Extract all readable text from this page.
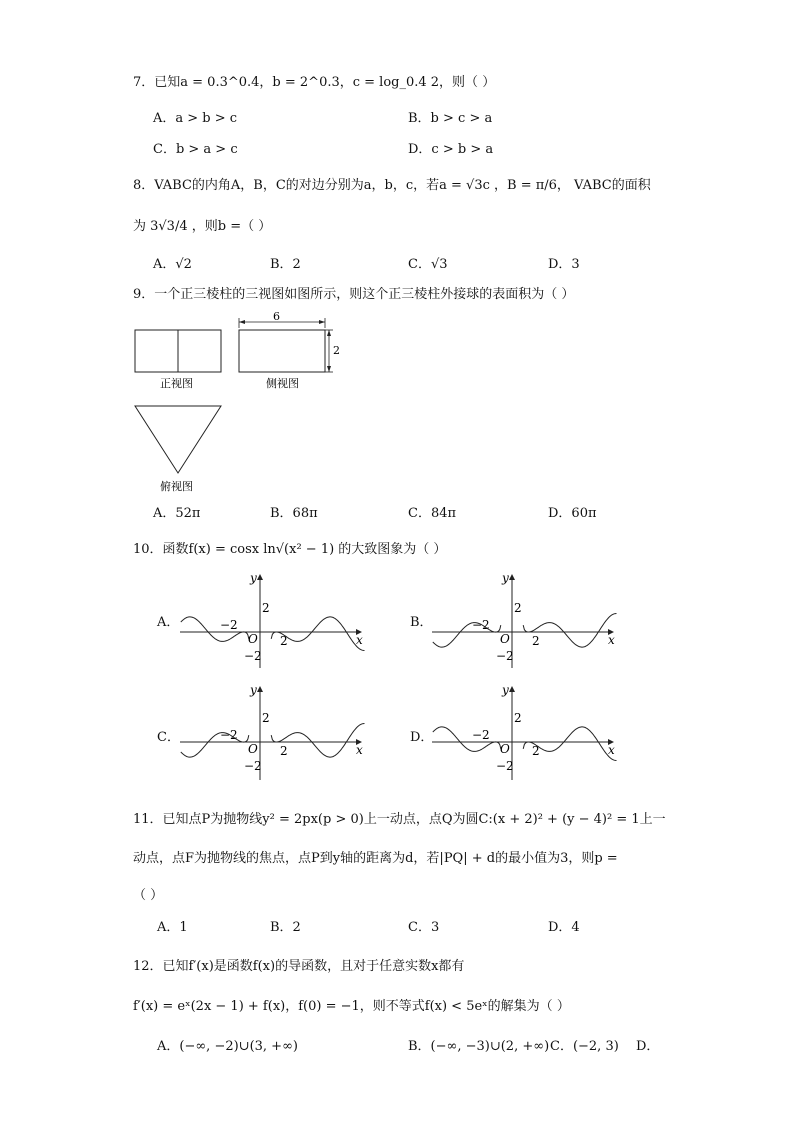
7．已知a = 0.3^0.4，b = 2^0.3，c = log_0.4 2，则（ ）
A．a > b > c	B．b > c > a
C．b > a > c	D．c > b > a
8．VABC的内角A，B，C的对边分别为a，b，c，若a = √3c ，B = π/6， VABC的面积
为 3√3/4 ，则b =（ ）
A．√2	B．2	C．√3	D．3
9．一个正三棱柱的三视图如图所示，则这个正三棱柱外接球的表面积为（ ）
正视图
6
2
侧视图
俯视图
A．52π	B．68π	C．84π	D．60π
10．函数f(x) = cosx ln√(x² − 1) 的大致图象为（ ）
A．	B．
C．	D．
x
y
O
2
−2
2
−2
x
y
O
2
−2
2
−2
x
y
O
2
−2
2
−2
x
y
O
2
−2
2
−2
11．已知点P为抛物线y² = 2px(p > 0)上一动点，点Q为圆C:(x + 2)² + (y − 4)² = 1上一
动点，点F为抛物线的焦点，点P到y轴的距离为d，若|PQ| + d的最小值为3，则p =
（ ）
A．1	B．2	C．3	D．4
12．已知f′(x)是函数f(x)的导函数，且对于任意实数x都有
f′(x) = eˣ(2x − 1) + f(x)，f(0) = −1，则不等式f(x) < 5eˣ的解集为（ ）
A．(−∞, −2)∪(3, +∞)	B．(−∞, −3)∪(2, +∞) C．(−2, 3) D．
